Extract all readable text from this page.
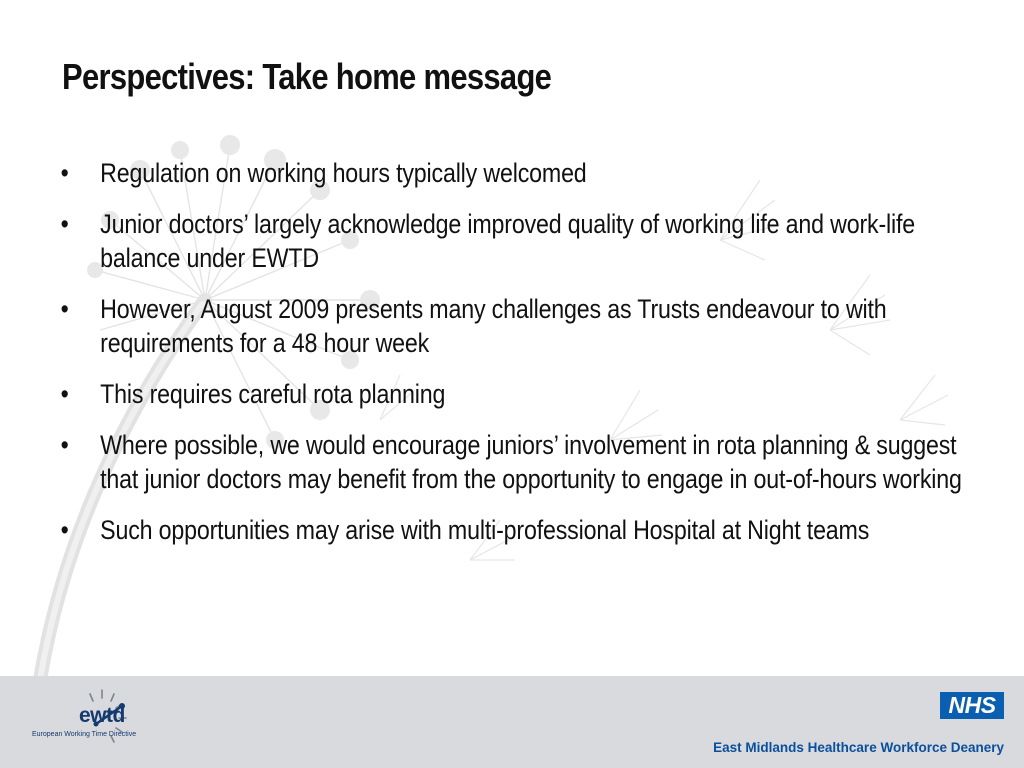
Perspectives: Take home message
• Regulation on working hours typically welcomed
• Junior doctors’ largely acknowledge improved quality of working life and work-life balance under EWTD
• However, August 2009 presents many challenges as Trusts endeavour to with requirements for a 48 hour week
• This requires careful rota planning
• Where possible, we would encourage juniors’ involvement in rota planning & suggest that junior doctors may benefit from the opportunity to engage in out-of-hours working
• Such opportunities may arise with multi-professional Hospital at Night teams
ewtd
European Working Time Directive
NHS
East Midlands Healthcare Workforce Deanery
